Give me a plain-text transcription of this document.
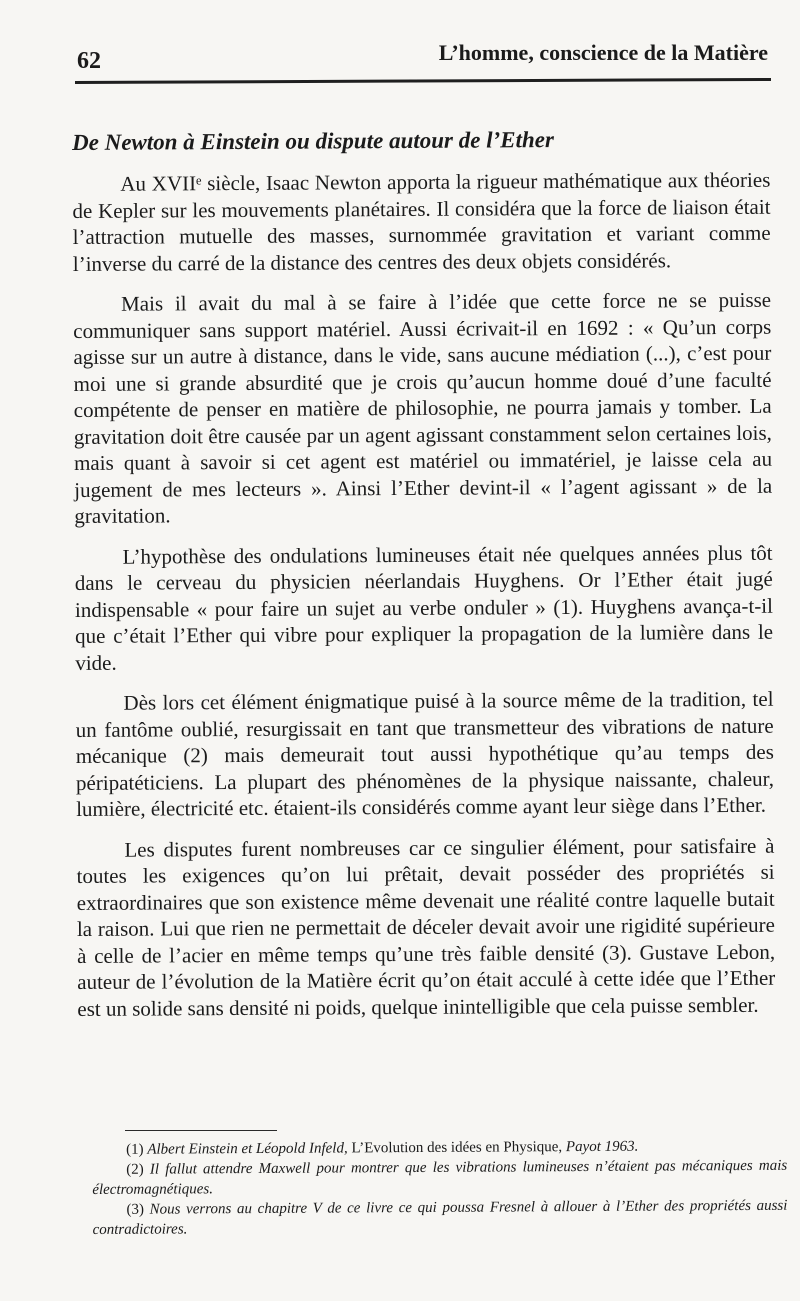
62	L’homme, conscience de la Matière
De Newton à Einstein ou dispute autour de l’Ether

Au XVIIᵉ siècle, Isaac Newton apporta la rigueur mathématique aux théories de Kepler sur les mouvements planétaires. Il considéra que la force de liaison était l’attraction mutuelle des masses, surnommée gravitation et variant comme l’inverse du carré de la distance des centres des deux objets considérés.

Mais il avait du mal à se faire à l’idée que cette force ne se puisse communiquer sans support matériel. Aussi écrivait-il en 1692 : « Qu’un corps agisse sur un autre à distance, dans le vide, sans aucune médiation (...), c’est pour moi une si grande absurdité que je crois qu’aucun homme doué d’une faculté compétente de penser en matière de philosophie, ne pourra jamais y tomber. La gravitation doit être causée par un agent agissant constamment selon certaines lois, mais quant à savoir si cet agent est matériel ou immatériel, je laisse cela au jugement de mes lecteurs ». Ainsi l’Ether devint-il « l’agent agissant » de la gravitation.

L’hypothèse des ondulations lumineuses était née quelques années plus tôt dans le cerveau du physicien néerlandais Huyghens. Or l’Ether était jugé indispensable « pour faire un sujet au verbe onduler » (1). Huyghens avança-t-il que c’était l’Ether qui vibre pour expliquer la propagation de la lumière dans le vide.

Dès lors cet élément énigmatique puisé à la source même de la tradition, tel un fantôme oublié, resurgissait en tant que transmetteur des vibrations de nature mécanique (2) mais demeurait tout aussi hypothétique qu’au temps des péripatéticiens. La plupart des phénomènes de la physique naissante, chaleur, lumière, électricité etc. étaient-ils considérés comme ayant leur siège dans l’Ether.

Les disputes furent nombreuses car ce singulier élément, pour satisfaire à toutes les exigences qu’on lui prêtait, devait posséder des propriétés si extraordinaires que son existence même devenait une réalité contre laquelle butait la raison. Lui que rien ne permettait de déceler devait avoir une rigidité supérieure à celle de l’acier en même temps qu’une très faible densité (3). Gustave Lebon, auteur de l’évolution de la Matière écrit qu’on était acculé à cette idée que l’Ether est un solide sans densité ni poids, quelque inintelligible que cela puisse sembler.

(1) Albert Einstein et Léopold Infeld, L’Evolution des idées en Physique, Payot 1963.

(2) Il fallut attendre Maxwell pour montrer que les vibrations lumineuses n’étaient pas mécaniques mais électromagnétiques.

(3) Nous verrons au chapitre V de ce livre ce qui poussa Fresnel à allouer à l’Ether des propriétés aussi contradictoires.
